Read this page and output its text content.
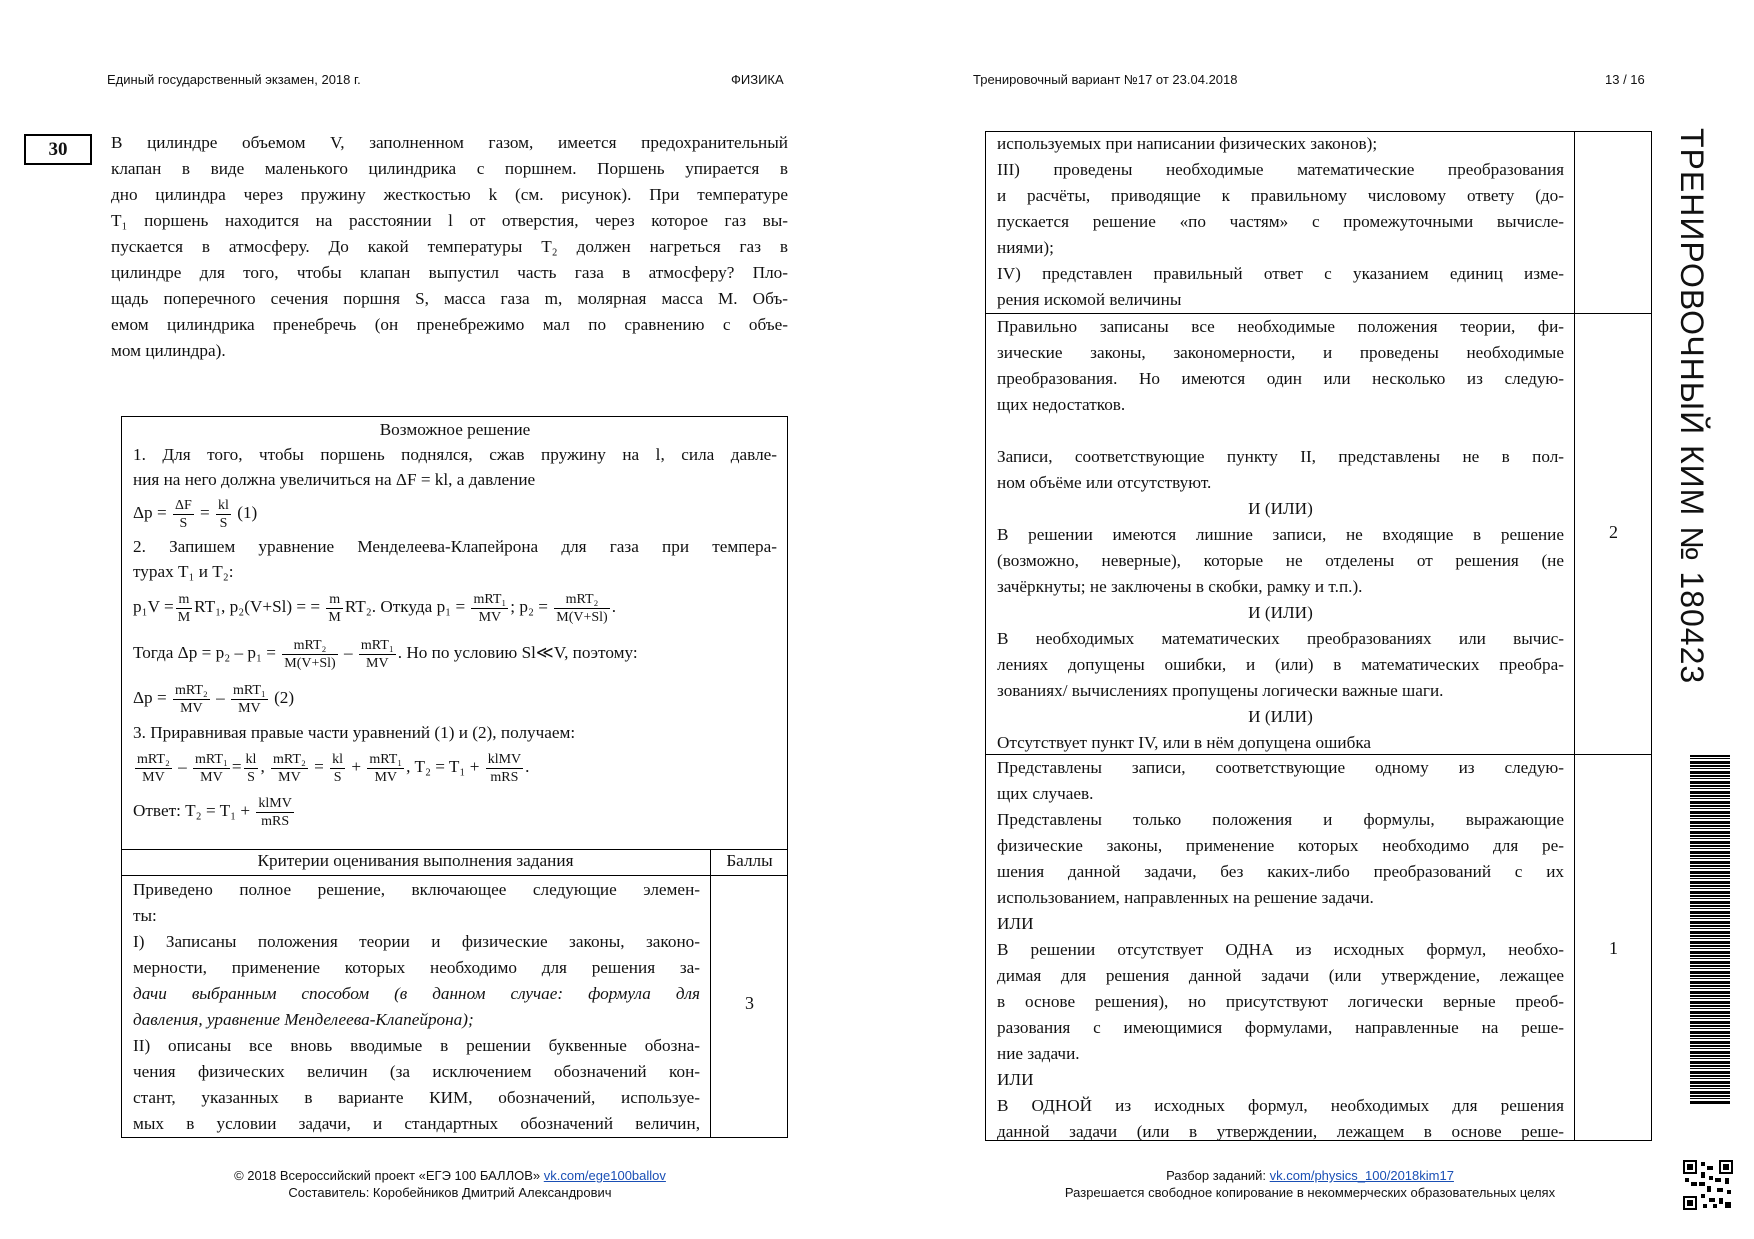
Единый государственный экзамен, 2018 г.	ФИЗИКА	Тренировочный вариант №17 от 23.04.2018	13 / 16
30	В цилиндре объемом V, заполненном газом, имеется предохранительный
клапан в виде маленького цилиндрика с поршнем. Поршень упирается в
дно цилиндра через пружину жесткостью k (см. рисунок). При температуре
T₁ поршень находится на расстоянии l от отверстия, через которое газ вы-
пускается в атмосферу. До какой температуры T₂ должен нагреться газ в
цилиндре для того, чтобы клапан выпустил часть газа в атмосферу? Пло-
щадь поперечного сечения поршня S, масса газа m, молярная масса M. Объ-
емом цилиндрика пренебречь (он пренебрежимо мал по сравнению с объе-
мом цилиндра).
Возможное решение
1. Для того, чтобы поршень поднялся, сжав пружину на l, сила давле-
ния на него должна увеличиться на ΔF = kl, а давление
$\Delta p = \frac{\Delta F}{S} = \frac{kl}{S} (1)$
2. Запишем уравнение Менделеева-Клапейрона для газа при темпера-
турах T₁ и T₂:
$p_1V = \frac{m}{M} RT_1$, p₂(V+Sl) = = $\frac{m}{M} RT_2$. Откуда $p_1 = \frac{\text{mRT₁}}{MV}$ ; $p_2 = \frac{\text{mRT₂}}{M(V+Sl)}$ .
Тогда $\Delta p = p_2 - p_1 = \frac{\text{mRT₂}}{M(V+Sl)} - \frac{\text{mRT₁}}{MV}$ . Но по условию Sl≪V, поэтому:
$\Delta p = \frac{\text{mRT₂}}{MV} - \frac{\text{mRT₁}}{MV} (2)$
3. Приравнивая правые части уравнений (1) и (2), получаем:
$\frac{\text{mRT₂}}{MV} - \frac{\text{mRT₁}}{MV} = \frac{kl}{S}$ , $\frac{\text{mRT₂}}{MV} = \frac{kl}{S} + \frac{\text{mRT₁}}{MV}$ , $T_2 = T_1 + \frac{\text{klMV}}{\text{mRS}}$ .
Ответ: $T_2 = T_1 + \frac{\text{klMV}}{\text{mRS}}$
Критерии оценивания выполнения задания	Баллы
Приведено полное решение, включающее следующие элемен-
ты:
I) Записаны положения теории и физические законы, законо-
мерности, применение которых необходимо для решения за-
дачи выбранным способом (в данном случае: формула для
давления, уравнение Менделеева-Клапейрона);
II) описаны все вновь вводимые в решении буквенные обозна-
чения физических величин (за исключением обозначений кон-
стант, указанных в варианте КИМ, обозначений, используе-
мых в условии задачи, и стандартных обозначений величин,
3
используемых при написании физических законов);
III) проведены необходимые математические преобразования
и расчёты, приводящие к правильному числовому ответу (до-
пускается решение «по частям» с промежуточными вычисле-
ниями);
IV) представлен правильный ответ с указанием единиц изме-
рения искомой величины
Правильно записаны все необходимые положения теории, фи-
зические законы, закономерности, и проведены необходимые
преобразования. Но имеются один или несколько из следую-
щих недостатков.
Записи, соответствующие пункту II, представлены не в пол-
ном объёме или отсутствуют.
И (ИЛИ)
В решении имеются лишние записи, не входящие в решение
(возможно, неверные), которые не отделены от решения (не
зачёркнуты; не заключены в скобки, рамку и т.п.).
И (ИЛИ)
В необходимых математических преобразованиях или вычис-
лениях допущены ошибки, и (или) в математических преобра-
зованиях/ вычислениях пропущены логически важные шаги.
И (ИЛИ)
Отсутствует пункт IV, или в нём допущена ошибка
2
Представлены записи, соответствующие одному из следую-
щих случаев.
Представлены только положения и формулы, выражающие
физические законы, применение которых необходимо для ре-
шения данной задачи, без каких-либо преобразований с их
использованием, направленных на решение задачи.
ИЛИ
В решении отсутствует ОДНА из исходных формул, необхо-
димая для решения данной задачи (или утверждение, лежащее
в основе решения), но присутствуют логически верные преоб-
разования с имеющимися формулами, направленные на реше-
ние задачи.
ИЛИ
В ОДНОЙ из исходных формул, необходимых для решения
данной задачи (или в утверждении, лежащем в основе реше-
1
ТРЕНИРОВОЧНЫЙ КИМ № 180423
© 2018 Всероссийский проект «ЕГЭ 100 БАЛЛОВ» vk.com/ege100ballov
Составитель: Коробейников Дмитрий Александрович
Разбор заданий: vk.com/physics_100/2018kim17
Разрешается свободное копирование в некоммерческих образовательных целях
